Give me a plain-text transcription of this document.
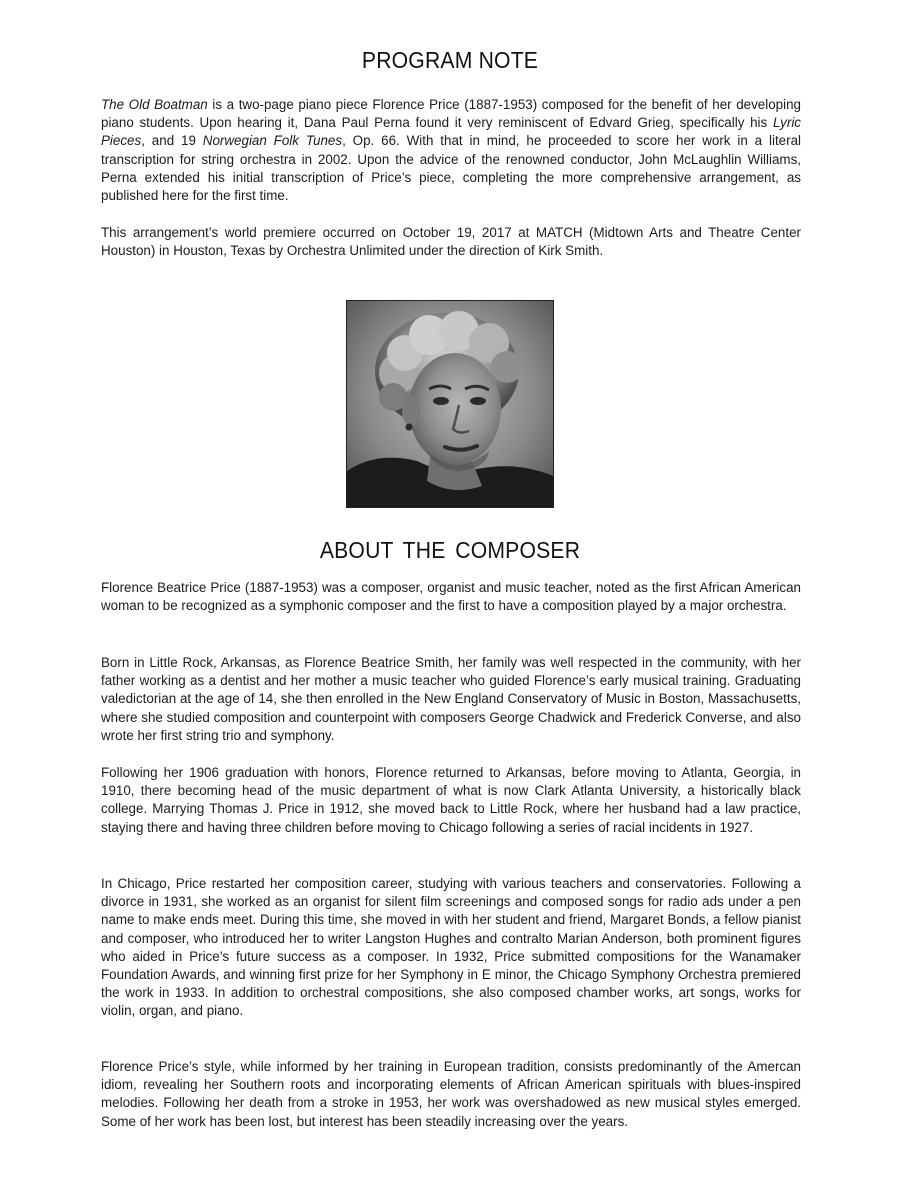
PROGRAM NOTE

The Old Boatman is a two-page piano piece Florence Price (1887-1953) composed for the benefit of her developing piano students. Upon hearing it, Dana Paul Perna found it very reminiscent of Edvard Grieg, specifically his Lyric Pieces, and 19 Norwegian Folk Tunes, Op. 66. With that in mind, he proceeded to score her work in a literal transcription for string orchestra in 2002. Upon the advice of the renowned conductor, John McLaughlin Williams, Perna extended his initial transcription of Price’s piece, completing the more comprehensive arrangement, as published here for the first time.

This arrangement’s world premiere occurred on October 19, 2017 at MATCH (Midtown Arts and Theatre Center Houston) in Houston, Texas by Orchestra Unlimited under the direction of Kirk Smith.

ABOUT THE COMPOSER

Florence Beatrice Price (1887-1953) was a composer, organist and music teacher, noted as the first African American woman to be recognized as a symphonic composer and the first to have a composition played by a major orchestra.

Born in Little Rock, Arkansas, as Florence Beatrice Smith, her family was well respected in the community, with her father working as a dentist and her mother a music teacher who guided Florence’s early musical training. Graduating valedictorian at the age of 14, she then enrolled in the New England Conservatory of Music in Boston, Massachusetts, where she studied composition and counterpoint with composers George Chadwick and Frederick Converse, and also wrote her first string trio and symphony.

Following her 1906 graduation with honors, Florence returned to Arkansas, before moving to Atlanta, Georgia, in 1910, there becoming head of the music department of what is now Clark Atlanta University, a historically black college. Marrying Thomas J. Price in 1912, she moved back to Little Rock, where her husband had a law practice, staying there and having three children before moving to Chicago following a series of racial incidents in 1927.

In Chicago, Price restarted her composition career, studying with various teachers and conservatories. Following a divorce in 1931, she worked as an organist for silent film screenings and composed songs for radio ads under a pen name to make ends meet. During this time, she moved in with her student and friend, Margaret Bonds, a fellow pianist and composer, who introduced her to writer Langston Hughes and contralto Marian Anderson, both prominent figures who aided in Price’s future success as a composer. In 1932, Price submitted compositions for the Wanamaker Foundation Awards, and winning first prize for her Symphony in E minor, the Chicago Symphony Orchestra premiered the work in 1933. In addition to orchestral compositions, she also composed chamber works, art songs, works for violin, organ, and piano.

Florence Price’s style, while informed by her training in European tradition, consists predominantly of the Amercan idiom, revealing her Southern roots and incorporating elements of African American spirituals with blues-inspired melodies. Following her death from a stroke in 1953, her work was overshadowed as new musical styles emerged. Some of her work has been lost, but interest has been steadily increasing over the years.
